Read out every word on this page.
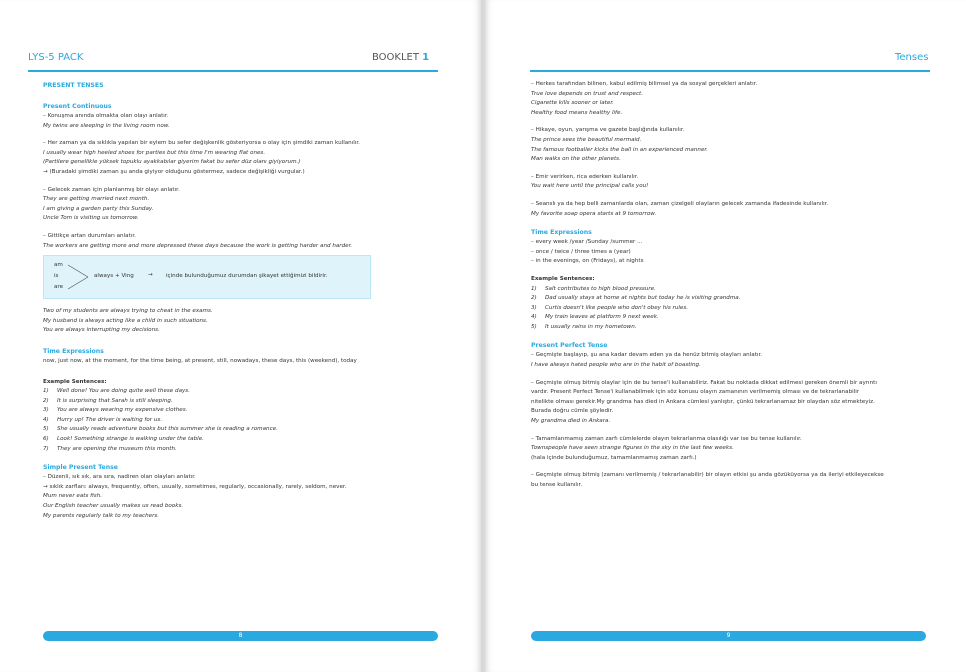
LYS-5 PACK	BOOKLET 1
PRESENT TENSES
Present Continuous
– Konuşma anında olmakta olan olayı anlatır.
My twins are sleeping in the living room now.
– Her zaman ya da sıklıkla yapılan bir eylem bu sefer değişkenlik gösteriyorsa o olay için şimdiki zaman kullanılır.
I usually wear high heeled shoes for parties but this time I'm wearing flat ones.
(Partilere genellikle yüksek topuklu ayakkabılar giyerim fakat bu sefer düz olanı giyiyorum.)
→ (Buradaki şimdiki zaman şu anda giyiyor olduğunu göstermez, sadece değişikliği vurgular.)
– Gelecek zaman için planlanmış bir olayı anlatır.
They are getting married next month.
I am giving a garden party this Sunday.
Uncle Tom is visiting us tomorrow.
– Gittikçe artan durumları anlatır.
The workers are getting more and more depressed these days because the work is getting harder and harder.
am
is
are
always + Ving	→ içinde bulunduğumuz durumdan şikayet ettiğimizi bildirir.
Two of my students are always trying to cheat in the exams.
My husband is always acting like a child in such situations.
You are always interrupting my decisions.
Time Expressions
now, just now, at the moment, for the time being, at present, still, nowadays, these days, this (weekend), today
Example Sentences:
1) Well done! You are doing quite well these days.
2) It is surprising that Sarah is still sleeping.
3) You are always wearing my expensive clothes.
4) Hurry up! The driver is waiting for us.
5) She usually reads adventure books but this summer she is reading a romance.
6) Look! Something strange is walking under the table.
7) They are opening the museum this month.
Simple Present Tense
– Düzenli, sık sık, ara sıra, nadiren olan olayları anlatır.
→ sıklık zarfları: always, frequently, often, usually, sometimes, regularly, occasionally, rarely, seldom, never.
Mum never eats fish.
Our English teacher usually makes us read books.
My parents regularly talk to my teachers.
8
Tenses
– Herkes tarafından bilinen, kabul edilmiş bilimsel ya da sosyal gerçekleri anlatır.
True love depends on trust and respect.
Cigarette kills sooner or later.
Healthy food means healthy life.
– Hikaye, oyun, yarışma ve gazete başlığında kullanılır.
The prince sees the beautiful mermaid.
The famous footballer kicks the ball in an experienced manner.
Man walks on the other planets.
– Emir verirken, rica ederken kullanılır.
You wait here until the principal calls you!
– Seanslı ya da hep belli zamanlarda olan, zaman çizelgeli olayların gelecek zamanda ifadesinde kullanılır.
My favorite soap opera starts at 9 tomorrow.
Time Expressions
– every week /year /Sunday /summer ...
– once / twice / three times a (year)
– in the evenings, on (Fridays), at nights
Example Sentences:
1) Salt contributes to high blood pressure.
2) Dad usually stays at home at nights but today he is visiting grandma.
3) Curtis doesn't like people who don't obey his rules.
4) My train leaves at platform 9 next week.
5) It usually rains in my hometown.
Present Perfect Tense
– Geçmişte başlayıp, şu ana kadar devam eden ya da henüz bitmiş olayları anlatır.
I have always hated people who are in the habit of boasting.
– Geçmişte olmuş bitmiş olaylar için de bu tense'i kullanabiliriz. Fakat bu noktada dikkat edilmesi gereken önemli bir ayrıntı
vardır. Present Perfect Tense'i kullanabilmek için söz konusu olayın zamanının verilmemiş olması ve de tekrarlanabilir
nitelikte olması gerekir.My grandma has died in Ankara cümlesi yanlıştır, çünkü tekrarlanamaz bir olaydan söz etmekteyiz.
Burada doğru cümle şöyledir.
My grandma died in Ankara.
– Tamamlanmamış zaman zarfı cümlelerde olayın tekrarlanma olasılığı var ise bu tense kullanılır.
Townspeople have seen strange figures in the sky in the last few weeks.
(hala içinde bulunduğumuz, tamamlanmamış zaman zarfı.)
– Geçmişte olmuş bitmiş (zamanı verilmemiş / tekrarlanabilir) bir olayın etkisi şu anda gözüküyorsa ya da ileriyi etkileyecekse
bu tense kullanılır.
9
